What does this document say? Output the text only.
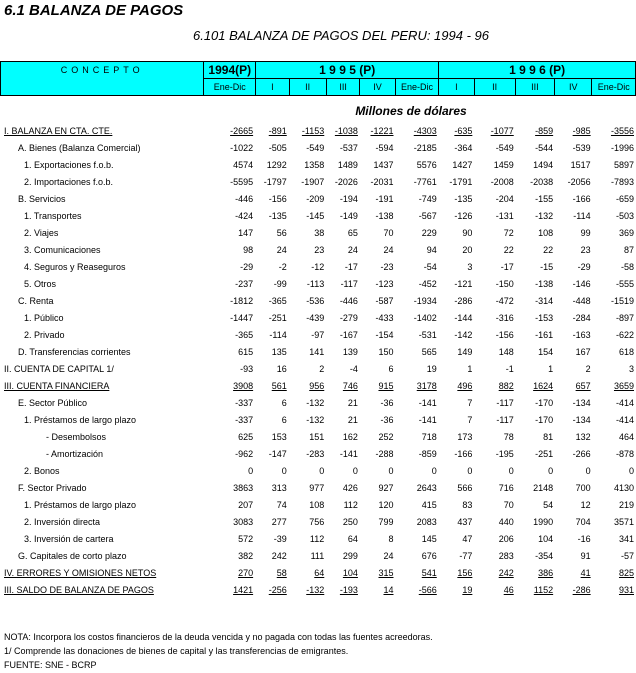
6.1 BALANZA DE PAGOS
6.101 BALANZA DE PAGOS DEL PERU: 1994 - 96
CONCEPTO	1994(P)	1 9 9 5 (P)					1 9 9 6 (P)				
	Ene-Dic	I	II	III	IV	Ene-Dic	I	II	III	IV	Ene-Dic
Millones de dólares
I. BALANZA EN CTA. CTE.	-2665	-891	-1153	-1038	-1221	-4303	-635	-1077	-859	-985	-3556
A. Bienes (Balanza Comercial)	-1022	-505	-549	-537	-594	-2185	-364	-549	-544	-539	-1996
1. Exportaciones f.o.b.	4574	1292	1358	1489	1437	5576	1427	1459	1494	1517	5897
2. Importaciones f.o.b.	-5595	-1797	-1907	-2026	-2031	-7761	-1791	-2008	-2038	-2056	-7893
B. Servicios	-446	-156	-209	-194	-191	-749	-135	-204	-155	-166	-659
1. Transportes	-424	-135	-145	-149	-138	-567	-126	-131	-132	-114	-503
2. Viajes	147	56	38	65	70	229	90	72	108	99	369
3. Comunicaciones	98	24	23	24	24	94	20	22	22	23	87
4. Seguros y Reaseguros	-29	-2	-12	-17	-23	-54	3	-17	-15	-29	-58
5. Otros	-237	-99	-113	-117	-123	-452	-121	-150	-138	-146	-555
C. Renta	-1812	-365	-536	-446	-587	-1934	-286	-472	-314	-448	-1519
1. Público	-1447	-251	-439	-279	-433	-1402	-144	-316	-153	-284	-897
2. Privado	-365	-114	-97	-167	-154	-531	-142	-156	-161	-163	-622
D. Transferencias corrientes	615	135	141	139	150	565	149	148	154	167	618
II. CUENTA DE CAPITAL 1/	-93	16	2	-4	6	19	1	-1	1	2	3
III. CUENTA FINANCIERA	3908	561	956	746	915	3178	496	882	1624	657	3659
E. Sector Público	-337	6	-132	21	-36	-141	7	-117	-170	-134	-414
1. Préstamos de largo plazo	-337	6	-132	21	-36	-141	7	-117	-170	-134	-414
- Desembolsos	625	153	151	162	252	718	173	78	81	132	464
- Amortización	-962	-147	-283	-141	-288	-859	-166	-195	-251	-266	-878
2. Bonos	0	0	0	0	0	0	0	0	0	0	0
F. Sector Privado	3863	313	977	426	927	2643	566	716	2148	700	4130
1. Préstamos de largo plazo	207	74	108	112	120	415	83	70	54	12	219
2. Inversión directa	3083	277	756	250	799	2083	437	440	1990	704	3571
3. Inversión de cartera	572	-39	112	64	8	145	47	206	104	-16	341
G. Capitales de corto plazo	382	242	111	299	24	676	-77	283	-354	91	-57
IV. ERRORES Y OMISIONES NETOS	270	58	64	104	315	541	156	242	386	41	825
III. SALDO DE BALANZA DE PAGOS	1421	-256	-132	-193	14	-566	19	46	1152	-286	931
NOTA: Incorpora los costos financieros de la deuda vencida y no pagada con todas las fuentes acreedoras.
1/ Comprende las donaciones de bienes de capital y las transferencias de emigrantes.
FUENTE: SNE - BCRP
